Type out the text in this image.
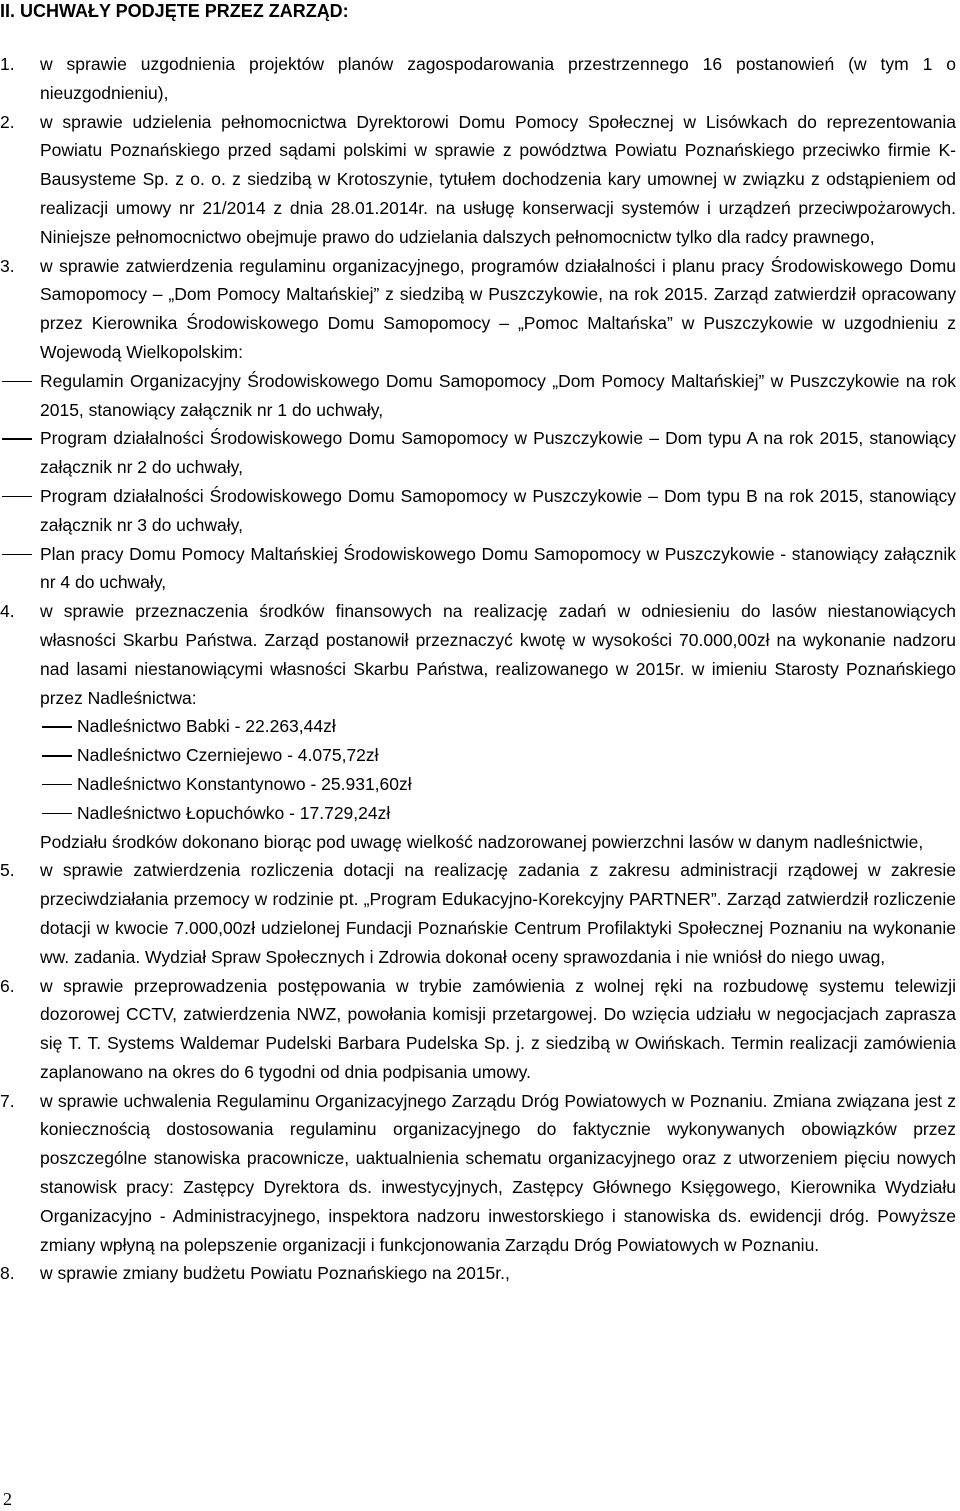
II. UCHWAŁY PODJĘTE PRZEZ ZARZĄD:
1. w sprawie uzgodnienia projektów planów zagospodarowania przestrzennego 16 postanowień (w tym 1 o nieuzgodnieniu),

2. w sprawie udzielenia pełnomocnictwa Dyrektorowi Domu Pomocy Społecznej w Lisówkach do reprezentowania Powiatu Poznańskiego przed sądami polskimi w sprawie z powództwa Powiatu Poznańskiego przeciwko firmie K-Bausysteme Sp. z o. o. z siedzibą w Krotoszynie, tytułem dochodzenia kary umownej w związku z odstąpieniem od realizacji umowy nr 21/2014 z dnia 28.01.2014r. na usługę konserwacji systemów i urządzeń przeciwpożarowych. Niniejsze pełnomocnictwo obejmuje prawo do udzielania dalszych pełnomocnictw tylko dla radcy prawnego,

3. w sprawie zatwierdzenia regulaminu organizacyjnego, programów działalności i planu pracy Środowiskowego Domu Samopomocy – „Dom Pomocy Maltańskiej” z siedzibą w Puszczykowie, na rok 2015. Zarząd zatwierdził opracowany przez Kierownika Środowiskowego Domu Samopomocy – „Pomoc Maltańska” w Puszczykowie w uzgodnieniu z Wojewodą Wielkopolskim:

Regulamin Organizacyjny Środowiskowego Domu Samopomocy „Dom Pomocy Maltańskiej” w Puszczykowie na rok 2015, stanowiący załącznik nr 1 do uchwały,
Program działalności Środowiskowego Domu Samopomocy w Puszczykowie – Dom typu A na rok 2015, stanowiący załącznik nr 2 do uchwały,
Program działalności Środowiskowego Domu Samopomocy w Puszczykowie – Dom typu B na rok 2015, stanowiący załącznik nr 3 do uchwały,
Plan pracy Domu Pomocy Maltańskiej Środowiskowego Domu Samopomocy w Puszczykowie - stanowiący załącznik nr 4 do uchwały,
4. w sprawie przeznaczenia środków finansowych na realizację zadań w odniesieniu do lasów niestanowiących własności Skarbu Państwa. Zarząd postanowił przeznaczyć kwotę w wysokości 70.000,00zł na wykonanie nadzoru nad lasami niestanowiącymi własności Skarbu Państwa, realizowanego w 2015r. w imieniu Starosty Poznańskiego przez Nadleśnictwa:

Nadleśnictwo Babki - 22.263,44zł
Nadleśnictwo Czerniejewo - 4.075,72zł
Nadleśnictwo Konstantynowo - 25.931,60zł
Nadleśnictwo Łopuchówko - 17.729,24zł

Podziału środków dokonano biorąc pod uwagę wielkość nadzorowanej powierzchni lasów w danym nadleśnictwie,

5. w sprawie zatwierdzenia rozliczenia dotacji na realizację zadania z zakresu administracji rządowej w zakresie przeciwdziałania przemocy w rodzinie pt. „Program Edukacyjno-Korekcyjny PARTNER”. Zarząd zatwierdził rozliczenie dotacji w kwocie 7.000,00zł udzielonej Fundacji Poznańskie Centrum Profilaktyki Społecznej Poznaniu na wykonanie ww. zadania. Wydział Spraw Społecznych i Zdrowia dokonał oceny sprawozdania i nie wniósł do niego uwag,

6. w sprawie przeprowadzenia postępowania w trybie zamówienia z wolnej ręki na rozbudowę systemu telewizji dozorowej CCTV, zatwierdzenia NWZ, powołania komisji przetargowej. Do wzięcia udziału w negocjacjach zaprasza się T. T. Systems Waldemar Pudelski Barbara Pudelska Sp. j. z siedzibą w Owińskach. Termin realizacji zamówienia zaplanowano na okres do 6 tygodni od dnia podpisania umowy.

7. w sprawie uchwalenia Regulaminu Organizacyjnego Zarządu Dróg Powiatowych w Poznaniu. Zmiana związana jest z koniecznością dostosowania regulaminu organizacyjnego do faktycznie wykonywanych obowiązków przez poszczególne stanowiska pracownicze, uaktualnienia schematu organizacyjnego oraz z utworzeniem pięciu nowych stanowisk pracy: Zastępcy Dyrektora ds. inwestycyjnych, Zastępcy Głównego Księgowego, Kierownika Wydziału Organizacyjno - Administracyjnego, inspektora nadzoru inwestorskiego i stanowiska ds. ewidencji dróg. Powyższe zmiany wpłyną na polepszenie organizacji i funkcjonowania Zarządu Dróg Powiatowych w Poznaniu.

8. w sprawie zmiany budżetu Powiatu Poznańskiego na 2015r.,

2
